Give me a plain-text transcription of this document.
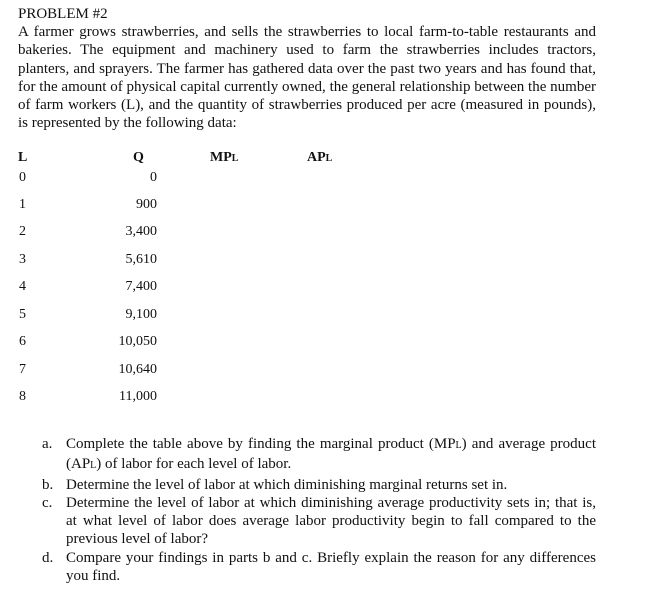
PROBLEM #2
A farmer grows strawberries, and sells the strawberries to local farm-to-table restaurants and bakeries. The equipment and machinery used to farm the strawberries includes tractors, planters, and sprayers. The farmer has gathered data over the past two years and has found that, for the amount of physical capital currently owned, the general relationship between the number of farm workers (L), and the quantity of strawberries produced per acre (measured in pounds), is represented by the following data:
L	Q	MPL	APL
0	0
1	900
2	3,400
3	5,610
4	7,400
5	9,100
6	10,050
7	10,640
8	11,000
a. Complete the table above by finding the marginal product (MPL) and average product (APL) of labor for each level of labor.
b. Determine the level of labor at which diminishing marginal returns set in.
c. Determine the level of labor at which diminishing average productivity sets in; that is, at what level of labor does average labor productivity begin to fall compared to the previous level of labor?
d. Compare your findings in parts b and c. Briefly explain the reason for any differences you find.
